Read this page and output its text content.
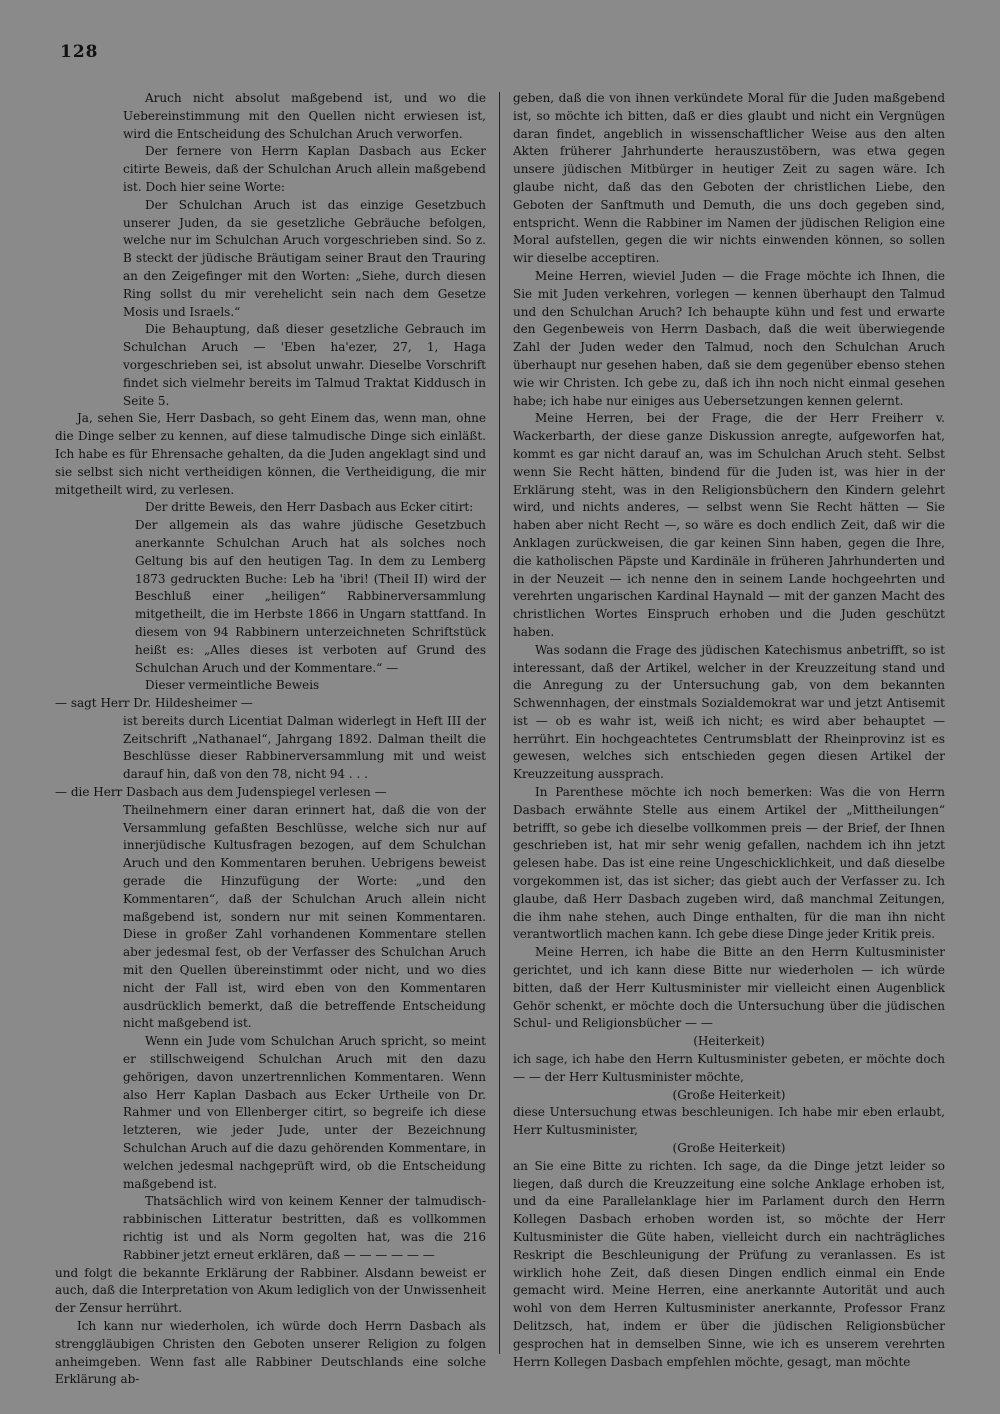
128

Aruch nicht absolut maßgebend ist, und wo die Uebereinstimmung mit den Quellen nicht erwiesen ist, wird die Entscheidung des Schulchan Aruch verworfen.

Der fernere von Herrn Kaplan Dasbach aus Ecker citirte Beweis, daß der Schulchan Aruch allein maßgebend ist. Doch hier seine Worte:

Der Schulchan Aruch ist das einzige Gesetzbuch unserer Juden, da sie gesetzliche Gebräuche befolgen, welche nur im Schulchan Aruch vorgeschrieben sind. So z. B steckt der jüdische Bräutigam seiner Braut den Trauring an den Zeigefinger mit den Worten: „Siehe, durch diesen Ring sollst du mir verehelicht sein nach dem Gesetze Mosis und Israels.“

Die Behauptung, daß dieser gesetzliche Gebrauch im Schulchan Aruch — 'Eben ha'ezer, 27, 1, Haga vorgeschrieben sei, ist absolut unwahr. Dieselbe Vorschrift findet sich vielmehr bereits im Talmud Traktat Kiddusch in Seite 5.

Ja, sehen Sie, Herr Dasbach, so geht Einem das, wenn man, ohne die Dinge selber zu kennen, auf diese talmudische Dinge sich einläßt. Ich habe es für Ehrensache gehalten, da die Juden angeklagt sind und sie selbst sich nicht vertheidigen können, die Vertheidigung, die mir mitgetheilt wird, zu verlesen.

Der dritte Beweis, den Herr Dasbach aus Ecker citirt:

Der allgemein als das wahre jüdische Gesetzbuch anerkannte Schulchan Aruch hat als solches noch Geltung bis auf den heutigen Tag. In dem zu Lemberg 1873 gedruckten Buche: Leb ha 'ibri! (Theil II) wird der Beschluß einer „heiligen“ Rabbinerversammlung mitgetheilt, die im Herbste 1866 in Ungarn stattfand. In diesem von 94 Rabbinern unterzeichneten Schriftstück heißt es: „Alles dieses ist verboten auf Grund des Schulchan Aruch und der Kommentare.“ —

Dieser vermeintliche Beweis

— sagt Herr Dr. Hildesheimer —

ist bereits durch Licentiat Dalman widerlegt in Heft III der Zeitschrift „Nathanael“, Jahrgang 1892. Dalman theilt die Beschlüsse dieser Rabbinerversammlung mit und weist darauf hin, daß von den 78, nicht 94 . . .

— die Herr Dasbach aus dem Judenspiegel verlesen —

Theilnehmern einer daran erinnert hat, daß die von der Versammlung gefaßten Beschlüsse, welche sich nur auf innerjüdische Kultusfragen bezogen, auf dem Schulchan Aruch und den Kommentaren beruhen. Uebrigens beweist gerade die Hinzufügung der Worte: „und den Kommentaren“, daß der Schulchan Aruch allein nicht maßgebend ist, sondern nur mit seinen Kommentaren. Diese in großer Zahl vorhandenen Kommentare stellen aber jedesmal fest, ob der Verfasser des Schulchan Aruch mit den Quellen übereinstimmt oder nicht, und wo dies nicht der Fall ist, wird eben von den Kommentaren ausdrücklich bemerkt, daß die betreffende Entscheidung nicht maßgebend ist.

Wenn ein Jude vom Schulchan Aruch spricht, so meint er stillschweigend Schulchan Aruch mit den dazu gehörigen, davon unzertrennlichen Kommentaren. Wenn also Herr Kaplan Dasbach aus Ecker Urtheile von Dr. Rahmer und von Ellenberger citirt, so begreife ich diese letzteren, wie jeder Jude, unter der Bezeichnung Schulchan Aruch auf die dazu gehörenden Kommentare, in welchen jedesmal nachgeprüft wird, ob die Entscheidung maßgebend ist.

Thatsächlich wird von keinem Kenner der talmudisch-rabbinischen Litteratur bestritten, daß es vollkommen richtig ist und als Norm gegolten hat, was die 216 Rabbiner jetzt erneut erklären, daß — — — — — —

und folgt die bekannte Erklärung der Rabbiner. Alsdann beweist er auch, daß die Interpretation von Akum lediglich von der Unwissenheit der Zensur herrührt.

Ich kann nur wiederholen, ich würde doch Herrn Dasbach als strenggläubigen Christen den Geboten unserer Religion zu folgen anheimgeben. Wenn fast alle Rabbiner Deutschlands eine solche Erklärung ab-

geben, daß die von ihnen verkündete Moral für die Juden maßgebend ist, so möchte ich bitten, daß er dies glaubt und nicht ein Vergnügen daran findet, angeblich in wissenschaftlicher Weise aus den alten Akten früherer Jahrhunderte herauszustöbern, was etwa gegen unsere jüdischen Mitbürger in heutiger Zeit zu sagen wäre. Ich glaube nicht, daß das den Geboten der christlichen Liebe, den Geboten der Sanftmuth und Demuth, die uns doch gegeben sind, entspricht. Wenn die Rabbiner im Namen der jüdischen Religion eine Moral aufstellen, gegen die wir nichts einwenden können, so sollen wir dieselbe acceptiren.

Meine Herren, wieviel Juden — die Frage möchte ich Ihnen, die Sie mit Juden verkehren, vorlegen — kennen überhaupt den Talmud und den Schulchan Aruch? Ich behaupte kühn und fest und erwarte den Gegenbeweis von Herrn Dasbach, daß die weit überwiegende Zahl der Juden weder den Talmud, noch den Schulchan Aruch überhaupt nur gesehen haben, daß sie dem gegenüber ebenso stehen wie wir Christen. Ich gebe zu, daß ich ihn noch nicht einmal gesehen habe; ich habe nur einiges aus Uebersetzungen kennen gelernt.

Meine Herren, bei der Frage, die der Herr Freiherr v. Wackerbarth, der diese ganze Diskussion anregte, aufgeworfen hat, kommt es gar nicht darauf an, was im Schulchan Aruch steht. Selbst wenn Sie Recht hätten, bindend für die Juden ist, was hier in der Erklärung steht, was in den Religionsbüchern den Kindern gelehrt wird, und nichts anderes, — selbst wenn Sie Recht hätten — Sie haben aber nicht Recht —, so wäre es doch endlich Zeit, daß wir die Anklagen zurückweisen, die gar keinen Sinn haben, gegen die Ihre, die katholischen Päpste und Kardinäle in früheren Jahrhunderten und in der Neuzeit — ich nenne den in seinem Lande hochgeehrten und verehrten ungarischen Kardinal Haynald — mit der ganzen Macht des christlichen Wortes Einspruch erhoben und die Juden geschützt haben.

Was sodann die Frage des jüdischen Katechismus anbetrifft, so ist interessant, daß der Artikel, welcher in der Kreuzzeitung stand und die Anregung zu der Untersuchung gab, von dem bekannten Schwennhagen, der einstmals Sozialdemokrat war und jetzt Antisemit ist — ob es wahr ist, weiß ich nicht; es wird aber behauptet — herrührt. Ein hochgeachtetes Centrumsblatt der Rheinprovinz ist es gewesen, welches sich entschieden gegen diesen Artikel der Kreuzzeitung aussprach.

In Parenthese möchte ich noch bemerken: Was die von Herrn Dasbach erwähnte Stelle aus einem Artikel der „Mittheilungen“ betrifft, so gebe ich dieselbe vollkommen preis — der Brief, der Ihnen geschrieben ist, hat mir sehr wenig gefallen, nachdem ich ihn jetzt gelesen habe. Das ist eine reine Ungeschicklichkeit, und daß dieselbe vorgekommen ist, das ist sicher; das giebt auch der Verfasser zu. Ich glaube, daß Herr Dasbach zugeben wird, daß manchmal Zeitungen, die ihm nahe stehen, auch Dinge enthalten, für die man ihn nicht verantwortlich machen kann. Ich gebe diese Dinge jeder Kritik preis.

Meine Herren, ich habe die Bitte an den Herrn Kultusminister gerichtet, und ich kann diese Bitte nur wiederholen — ich würde bitten, daß der Herr Kultusminister mir vielleicht einen Augenblick Gehör schenkt, er möchte doch die Untersuchung über die jüdischen Schul- und Religionsbücher — —

(Heiterkeit)

ich sage, ich habe den Herrn Kultusminister gebeten, er möchte doch — — der Herr Kultusminister möchte,

(Große Heiterkeit)

diese Untersuchung etwas beschleunigen. Ich habe mir eben erlaubt, Herr Kultusminister,

(Große Heiterkeit)

an Sie eine Bitte zu richten. Ich sage, da die Dinge jetzt leider so liegen, daß durch die Kreuzzeitung eine solche Anklage erhoben ist, und da eine Parallelanklage hier im Parlament durch den Herrn Kollegen Dasbach erhoben worden ist, so möchte der Herr Kultusminister die Güte haben, vielleicht durch ein nachträgliches Reskript die Beschleunigung der Prüfung zu veranlassen. Es ist wirklich hohe Zeit, daß diesen Dingen endlich einmal ein Ende gemacht wird. Meine Herren, eine anerkannte Autorität und auch wohl von dem Herren Kultusminister anerkannte, Professor Franz Delitzsch, hat, indem er über die jüdischen Religionsbücher gesprochen hat in demselben Sinne, wie ich es unserem verehrten Herrn Kollegen Dasbach empfehlen möchte, gesagt, man möchte
